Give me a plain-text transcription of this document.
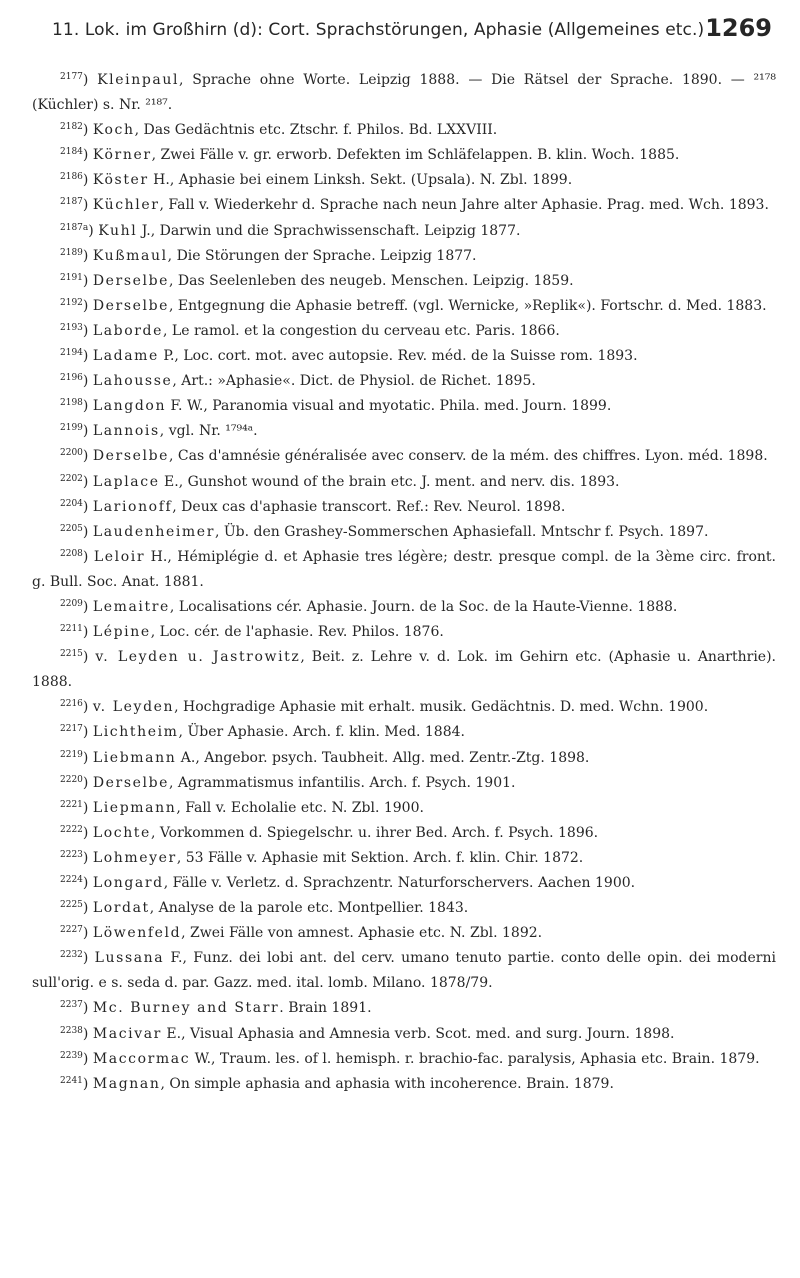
11. Lok. im Großhirn (d): Cort. Sprachstörungen, Aphasie (Allgemeines etc.) 1269

$^{2177}$) Kleinpaul, Sprache ohne Worte. Leipzig 1888. — Die Rätsel der Sprache. 1890. — ²¹⁷⁸ (Küchler) s. Nr. ²¹⁸⁷.

$^{2182}$) Koch, Das Gedächtnis etc. Ztschr. f. Philos. Bd. LXXVIII.

$^{2184}$) Körner, Zwei Fälle v. gr. erworb. Defekten im Schläfelappen. B. klin. Woch. 1885.

$^{2186}$) Köster H., Aphasie bei einem Linksh. Sekt. (Upsala). N. Zbl. 1899.

$^{2187}$) Küchler, Fall v. Wiederkehr d. Sprache nach neun Jahre alter Aphasie. Prag. med. Wch. 1893.

$^{2187a}$) Kuhl J., Darwin und die Sprachwissenschaft. Leipzig 1877.

$^{2189}$) Kußmaul, Die Störungen der Sprache. Leipzig 1877.

$^{2191}$) Derselbe, Das Seelenleben des neugeb. Menschen. Leipzig. 1859.

$^{2192}$) Derselbe, Entgegnung die Aphasie betreff. (vgl. Wernicke, »Replik«). Fortschr. d. Med. 1883.

$^{2193}$) Laborde, Le ramol. et la congestion du cerveau etc. Paris. 1866.

$^{2194}$) Ladame P., Loc. cort. mot. avec autopsie. Rev. méd. de la Suisse rom. 1893.

$^{2196}$) Lahousse, Art.: »Aphasie«. Dict. de Physiol. de Richet. 1895.

$^{2198}$) Langdon F. W., Paranomia visual and myotatic. Phila. med. Journ. 1899.

$^{2199}$) Lannois, vgl. Nr. ¹⁷⁹⁴ᵃ.

$^{2200}$) Derselbe, Cas d'amnésie généralisée avec conserv. de la mém. des chiffres. Lyon. méd. 1898.

$^{2202}$) Laplace E., Gunshot wound of the brain etc. J. ment. and nerv. dis. 1893.

$^{2204}$) Larionoff, Deux cas d'aphasie transcort. Ref.: Rev. Neurol. 1898.

$^{2205}$) Laudenheimer, Üb. den Grashey-Sommerschen Aphasiefall. Mntschr f. Psych. 1897.

$^{2208}$) Leloir H., Hémiplégie d. et Aphasie tres légère; destr. presque compl. de la 3ème circ. front. g. Bull. Soc. Anat. 1881.

$^{2209}$) Lemaitre, Localisations cér. Aphasie. Journ. de la Soc. de la Haute-Vienne. 1888.

$^{2211}$) Lépine, Loc. cér. de l'aphasie. Rev. Philos. 1876.

$^{2215}$) v. Leyden u. Jastrowitz, Beit. z. Lehre v. d. Lok. im Gehirn etc. (Aphasie u. Anarthrie). 1888.

$^{2216}$) v. Leyden, Hochgradige Aphasie mit erhalt. musik. Gedächtnis. D. med. Wchn. 1900.

$^{2217}$) Lichtheim, Über Aphasie. Arch. f. klin. Med. 1884.

$^{2219}$) Liebmann A., Angebor. psych. Taubheit. Allg. med. Zentr.-Ztg. 1898.

$^{2220}$) Derselbe, Agrammatismus infantilis. Arch. f. Psych. 1901.

$^{2221}$) Liepmann, Fall v. Echolalie etc. N. Zbl. 1900.

$^{2222}$) Lochte, Vorkommen d. Spiegelschr. u. ihrer Bed. Arch. f. Psych. 1896.

$^{2223}$) Lohmeyer, 53 Fälle v. Aphasie mit Sektion. Arch. f. klin. Chir. 1872.

$^{2224}$) Longard, Fälle v. Verletz. d. Sprachzentr. Naturforschervers. Aachen 1900.

$^{2225}$) Lordat, Analyse de la parole etc. Montpellier. 1843.

$^{2227}$) Löwenfeld, Zwei Fälle von amnest. Aphasie etc. N. Zbl. 1892.

$^{2232}$) Lussana F., Funz. dei lobi ant. del cerv. umano tenuto partie. conto delle opin. dei moderni sull'orig. e s. seda d. par. Gazz. med. ital. lomb. Milano. 1878/79.

$^{2237}$) Mc. Burney and Starr. Brain 1891.

$^{2238}$) Macivar E., Visual Aphasia and Amnesia verb. Scot. med. and surg. Journ. 1898.

$^{2239}$) Maccormac W., Traum. les. of l. hemisph. r. brachio-fac. paralysis, Aphasia etc. Brain. 1879.

$^{2241}$) Magnan, On simple aphasia and aphasia with incoherence. Brain. 1879.
